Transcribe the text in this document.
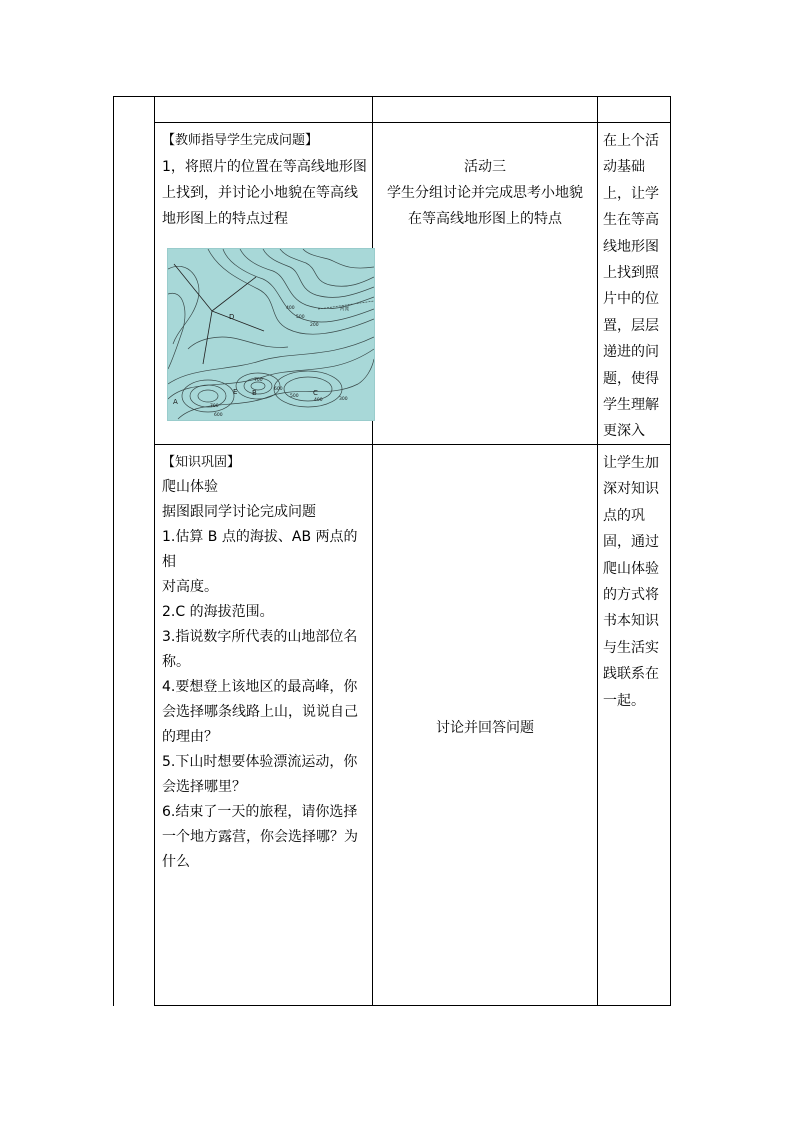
【教师指导学生完成问题】
1，将照片的位置在等高线地形图
上找到，并讨论小地貌在等高线
地形图上的特点过程
D
E B	C
A
400
500
200
河流
700
600
500
400	300
600
700
活动三
学生分组讨论并完成思考小地貌
在等高线地形图上的特点
在上个活
动基础
上，让学
生在等高
线地形图
上找到照
片中的位
置，层层
递进的问
题，使得
学生理解
更深入
【知识巩固】
爬山体验
据图跟同学讨论完成问题
1.估算 B 点的海拔、AB 两点的相
对高度。
2.C 的海拔范围。
3.指说数字所代表的山地部位名
称。
4.要想登上该地区的最高峰，你
会选择哪条线路上山，说说自己
的理由？
5.下山时想要体验漂流运动，你
会选择哪里？
6.结束了一天的旅程，请你选择
一个地方露营，你会选择哪？为
什么
讨论并回答问题
让学生加
深对知识
点的巩
固，通过
爬山体验
的方式将
书本知识
与生活实
践联系在
一起。
